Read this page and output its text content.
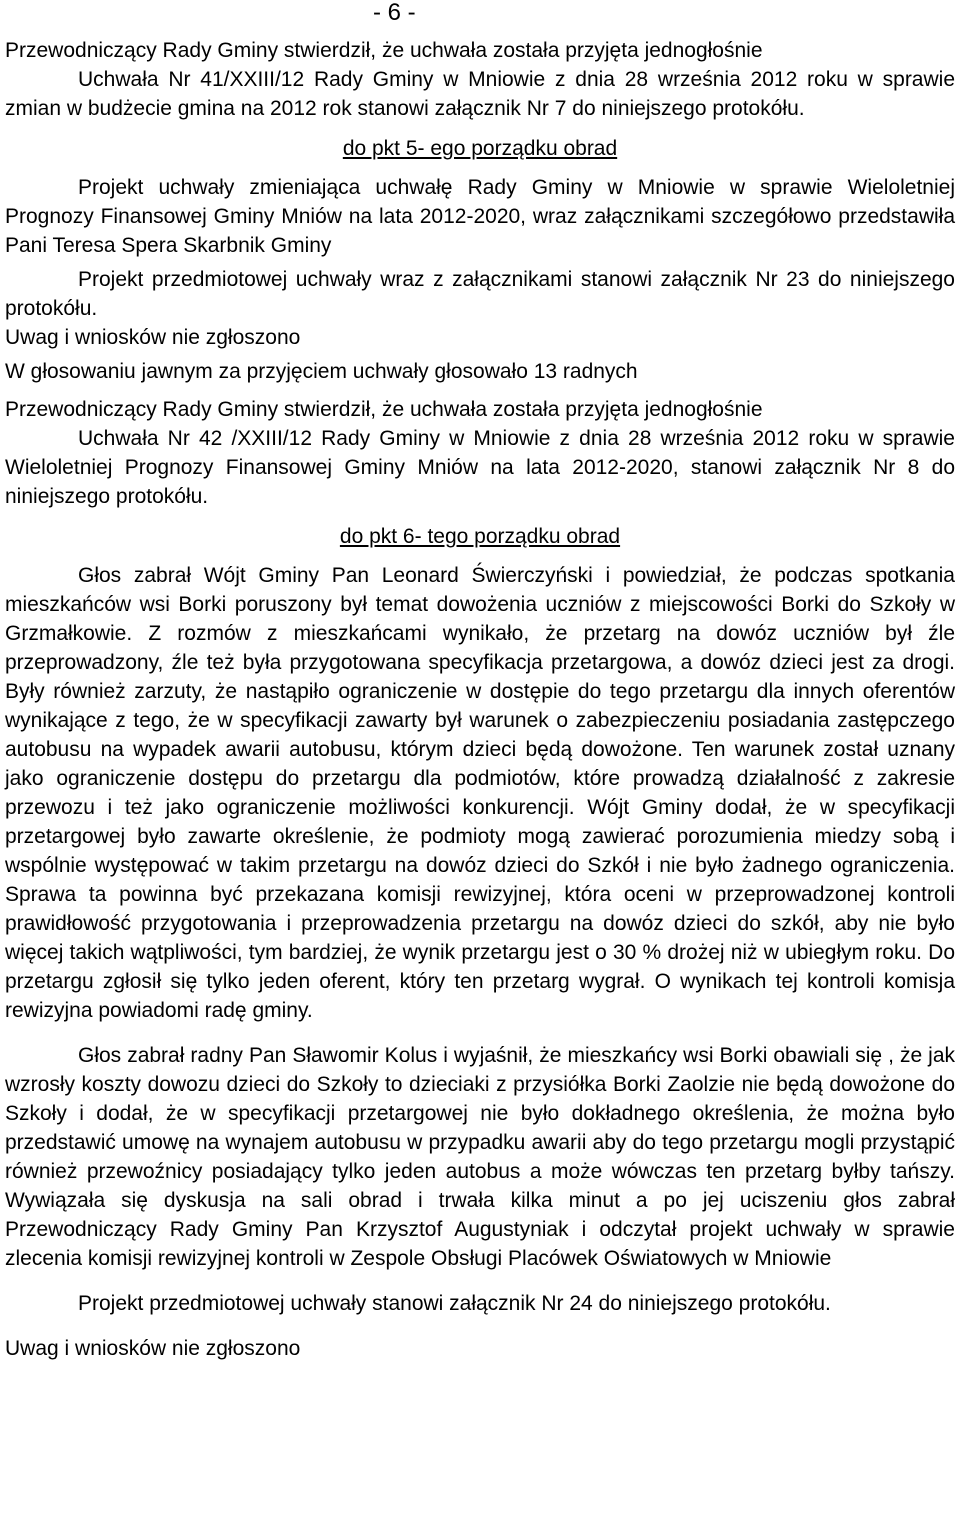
- 6 -

Przewodniczący Rady Gminy stwierdził, że uchwała została przyjęta jednogłośnie

Uchwała Nr 41/XXIII/12 Rady Gminy w Mniowie z dnia 28 września 2012 roku w sprawie zmian w budżecie gmina na 2012 rok stanowi załącznik Nr 7 do niniejszego protokółu.

do pkt 5- ego porządku obrad

Projekt uchwały zmieniająca uchwałę Rady Gminy w Mniowie w sprawie Wieloletniej Prognozy Finansowej Gminy Mniów na lata 2012-2020, wraz załącznikami szczegółowo przedstawiła Pani Teresa Spera Skarbnik Gminy

Projekt przedmiotowej uchwały wraz z załącznikami stanowi załącznik Nr 23 do niniejszego protokółu.

Uwag i wniosków nie zgłoszono

W głosowaniu jawnym za przyjęciem uchwały głosowało 13 radnych

Przewodniczący Rady Gminy stwierdził, że uchwała została przyjęta jednogłośnie

Uchwała Nr 42 /XXIII/12 Rady Gminy w Mniowie z dnia 28 września 2012 roku w sprawie Wieloletniej Prognozy Finansowej Gminy Mniów na lata 2012-2020, stanowi załącznik Nr 8 do niniejszego protokółu.

do pkt 6- tego porządku obrad

Głos zabrał Wójt Gminy Pan Leonard Świerczyński i powiedział, że podczas spotkania mieszkańców wsi Borki poruszony był temat dowożenia uczniów z miejscowości Borki do Szkoły w Grzmałkowie. Z rozmów z mieszkańcami wynikało, że przetarg na dowóz uczniów był źle przeprowadzony, źle też była przygotowana specyfikacja przetargowa, a dowóz dzieci jest za drogi. Były również zarzuty, że nastąpiło ograniczenie w dostępie do tego przetargu dla innych oferentów wynikające z tego, że w specyfikacji zawarty był warunek o zabezpieczeniu posiadania zastępczego autobusu na wypadek awarii autobusu, którym dzieci będą dowożone. Ten warunek został uznany jako ograniczenie dostępu do przetargu dla podmiotów, które prowadzą działalność z zakresie przewozu i też jako ograniczenie możliwości konkurencji. Wójt Gminy dodał, że w specyfikacji przetargowej było zawarte określenie, że podmioty mogą zawierać porozumienia miedzy sobą i wspólnie występować w takim przetargu na dowóz dzieci do Szkół i nie było żadnego ograniczenia. Sprawa ta powinna być przekazana komisji rewizyjnej, która oceni w przeprowadzonej kontroli prawidłowość przygotowania i przeprowadzenia przetargu na dowóz dzieci do szkół, aby nie było więcej takich wątpliwości, tym bardziej, że wynik przetargu jest o 30 % drożej niż w ubiegłym roku. Do przetargu zgłosił się tylko jeden oferent, który ten przetarg wygrał. O wynikach tej kontroli komisja rewizyjna powiadomi radę gminy.

Głos zabrał radny Pan Sławomir Kolus i wyjaśnił, że mieszkańcy wsi Borki obawiali się , że jak wzrosły koszty dowozu dzieci do Szkoły to dzieciaki z przysiółka Borki Zaolzie nie będą dowożone do Szkoły i dodał, że w specyfikacji przetargowej nie było dokładnego określenia, że można było przedstawić umowę na wynajem autobusu w przypadku awarii aby do tego przetargu mogli przystąpić również przewoźnicy posiadający tylko jeden autobus a może wówczas ten przetarg byłby tańszy. Wywiązała się dyskusja na sali obrad i trwała kilka minut a po jej uciszeniu głos zabrał Przewodniczący Rady Gminy Pan Krzysztof Augustyniak i odczytał projekt uchwały w sprawie zlecenia komisji rewizyjnej kontroli w Zespole Obsługi Placówek Oświatowych w Mniowie

Projekt przedmiotowej uchwały stanowi załącznik Nr 24 do niniejszego protokółu.

Uwag i wniosków nie zgłoszono
